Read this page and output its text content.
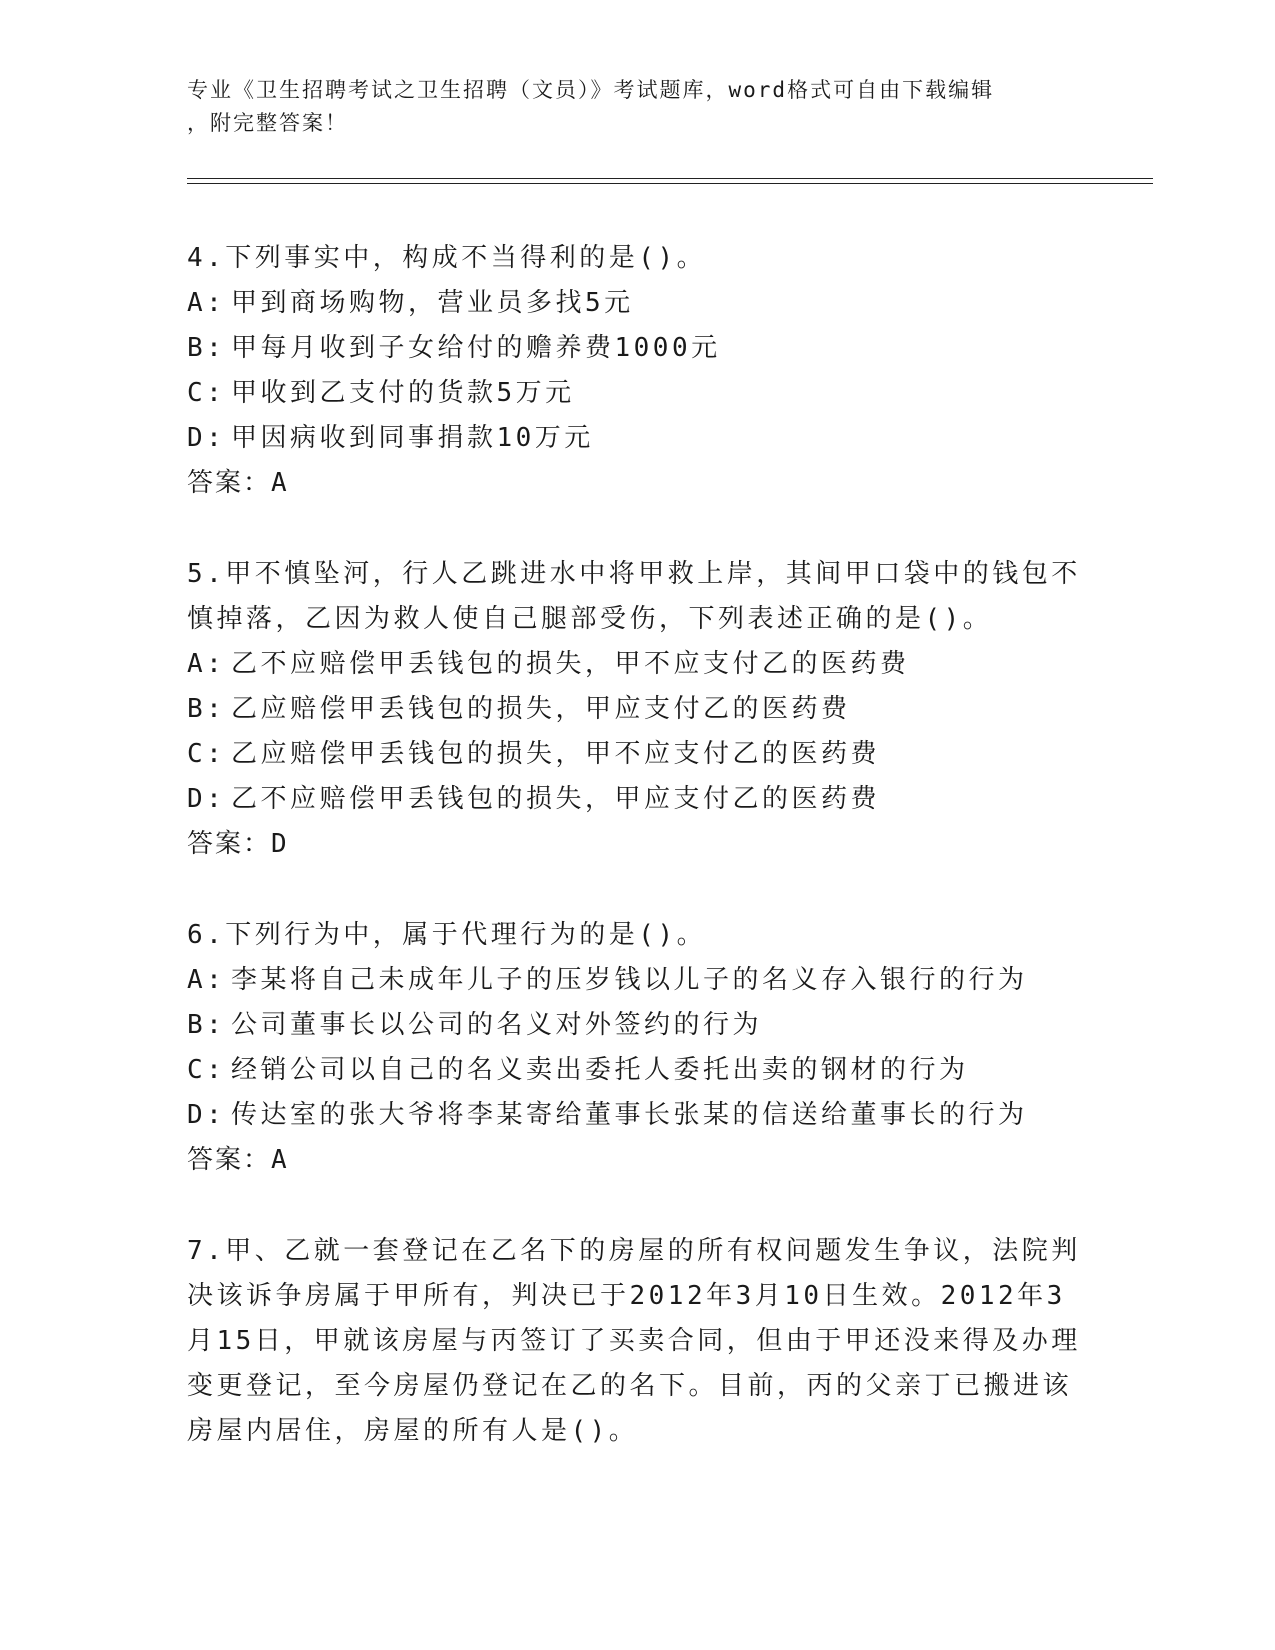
专业《卫生招聘考试之卫生招聘（文员）》考试题库，word格式可自由下载编辑
，附完整答案！
4.下列事实中，构成不当得利的是()。
A: 甲到商场购物，营业员多找5元
B: 甲每月收到子女给付的赡养费1000元
C: 甲收到乙支付的货款5万元
D: 甲因病收到同事捐款10万元
答案：A
5.甲不慎坠河，行人乙跳进水中将甲救上岸，其间甲口袋中的钱包不
慎掉落，乙因为救人使自己腿部受伤，下列表述正确的是()。
A: 乙不应赔偿甲丢钱包的损失，甲不应支付乙的医药费
B: 乙应赔偿甲丢钱包的损失，甲应支付乙的医药费
C: 乙应赔偿甲丢钱包的损失，甲不应支付乙的医药费
D: 乙不应赔偿甲丢钱包的损失，甲应支付乙的医药费
答案：D
6.下列行为中，属于代理行为的是()。
A: 李某将自己未成年儿子的压岁钱以儿子的名义存入银行的行为
B: 公司董事长以公司的名义对外签约的行为
C: 经销公司以自己的名义卖出委托人委托出卖的钢材的行为
D: 传达室的张大爷将李某寄给董事长张某的信送给董事长的行为
答案：A
7.甲、乙就一套登记在乙名下的房屋的所有权问题发生争议，法院判
决该诉争房属于甲所有，判决已于2012年3月10日生效。2012年3
月15日，甲就该房屋与丙签订了买卖合同，但由于甲还没来得及办理
变更登记，至今房屋仍登记在乙的名下。目前，丙的父亲丁已搬进该
房屋内居住，房屋的所有人是()。
